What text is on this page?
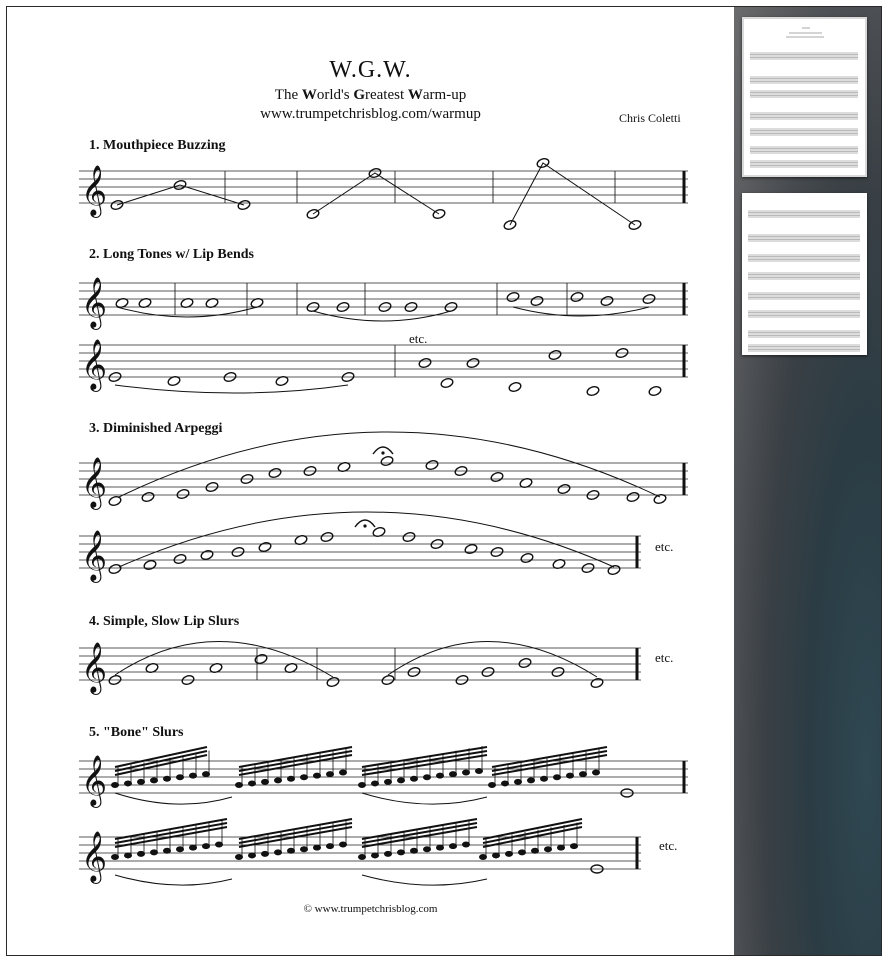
W.G.W.
The World's Greatest Warm-up
www.trumpetchrisblog.com/warmup	Chris Coletti
1. Mouthpiece Buzzing
2. Long Tones w/ Lip Bends
3. Diminished Arpeggi
4. Simple, Slow Lip Slurs
5. "Bone" Slurs
etc.
etc.
etc.
etc.
© www.trumpetchrisblog.com
𝄞
𝄞
𝄞
𝄞
𝄞
𝄞
𝄞
𝄞
